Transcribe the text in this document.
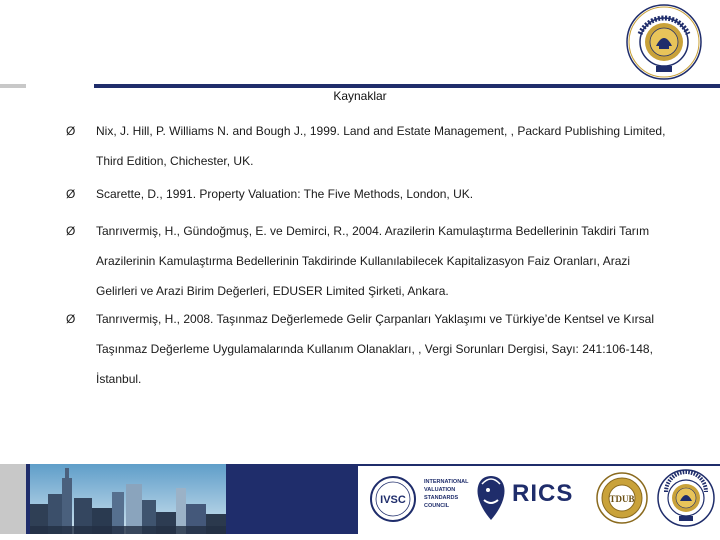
Kaynaklar
Ø Nix, J. Hill, P. Williams N. and Bough J., 1999. Land and Estate Management, , Packard Publishing Limited,
Third Edition, Chichester, UK.
Ø Scarette, D., 1991. Property Valuation: The Five Methods, London, UK.
Ø Tanrıvermiş, H., Gündoğmuş, E. ve Demirci, R., 2004. Arazilerin Kamulaştırma Bedellerinin Takdiri Tarım
Arazilerinin Kamulaştırma Bedellerinin Takdirinde Kullanılabilecek Kapitalizasyon Faiz Oranları, Arazi
Gelirleri ve Arazi Birim Değerleri, EDUSER Limited Şirketi, Ankara.
Ø Tanrıvermiş, H., 2008. Taşınmaz Değerlemede Gelir Çarpanları Yaklaşımı ve Türkiye’de Kentsel ve Kırsal
Taşınmaz Değerleme Uygulamalarında Kullanım Olanakları, , Vergi Sorunları Dergisi, Sayı: 241:106-148,
İstanbul.
IVSC
INTERNATIONAL
VALUATION
STANDARDS
COUNCIL	RICS	TDUB
